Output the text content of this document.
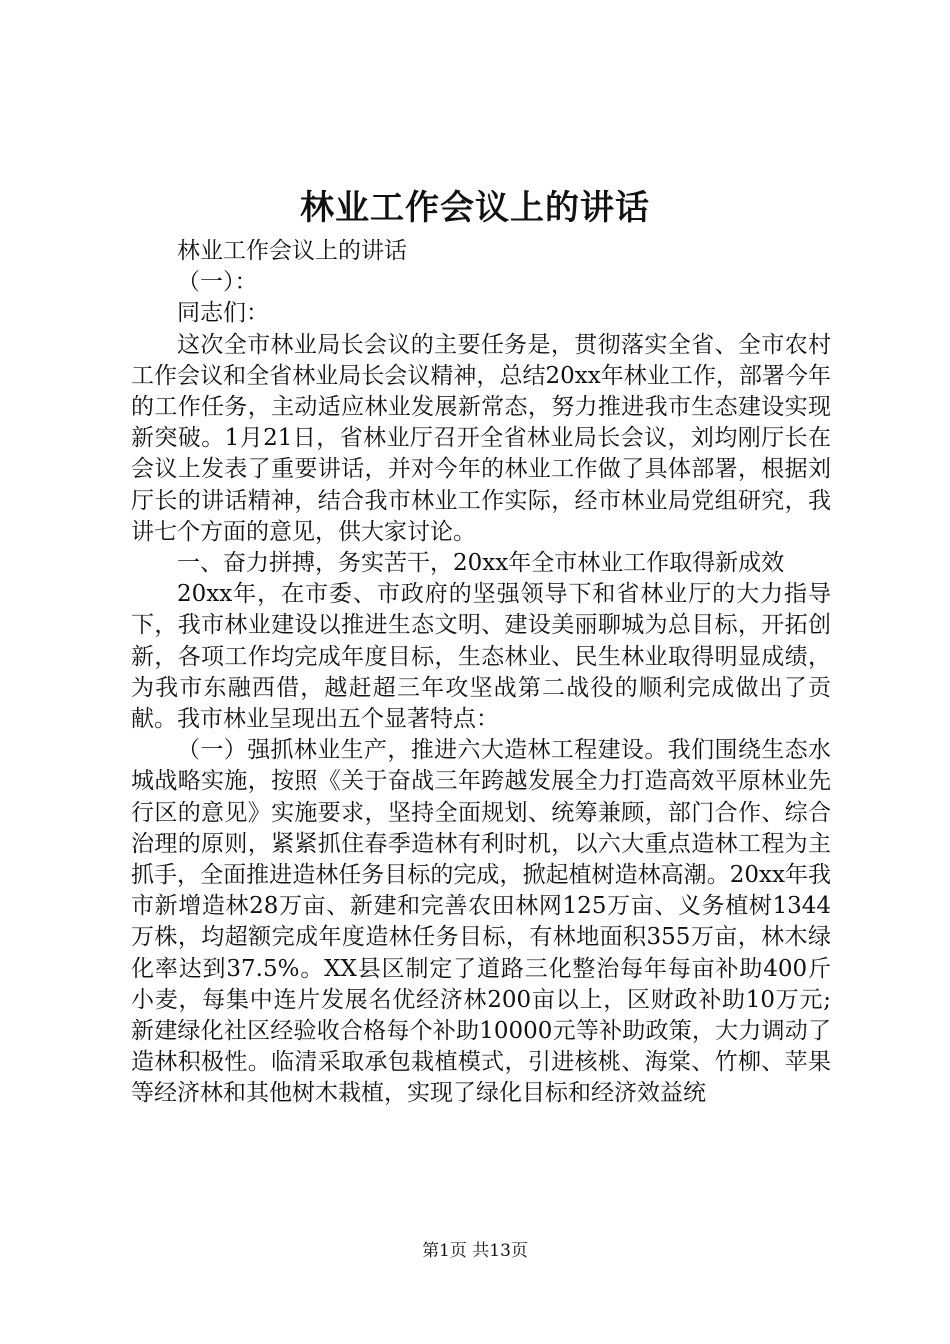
林业工作会议上的讲话

林业工作会议上的讲话

（一）：

同志们：

这次全市林业局长会议的主要任务是，贯彻落实全省、全市农村工作会议和全省林业局长会议精神，总结20xx年林业工作，部署今年的工作任务，主动适应林业发展新常态，努力推进我市生态建设实现新突破。1月21日，省林业厅召开全省林业局长会议，刘均刚厅长在会议上发表了重要讲话，并对今年的林业工作做了具体部署，根据刘厅长的讲话精神，结合我市林业工作实际，经市林业局党组研究，我讲七个方面的意见，供大家讨论。

一、奋力拼搏，务实苦干，20xx年全市林业工作取得新成效

20xx年，在市委、市政府的坚强领导下和省林业厅的大力指导下，我市林业建设以推进生态文明、建设美丽聊城为总目标，开拓创新，各项工作均完成年度目标，生态林业、民生林业取得明显成绩，为我市东融西借，越赶超三年攻坚战第二战役的顺利完成做出了贡献。我市林业呈现出五个显著特点：

（一）强抓林业生产，推进六大造林工程建设。我们围绕生态水城战略实施，按照《关于奋战三年跨越发展全力打造高效平原林业先行区的意见》实施要求，坚持全面规划、统筹兼顾，部门合作、综合治理的原则，紧紧抓住春季造林有利时机，以六大重点造林工程为主抓手，全面推进造林任务目标的完成，掀起植树造林高潮。20xx年我市新增造林28万亩、新建和完善农田林网125万亩、义务植树1344万株，均超额完成年度造林任务目标，有林地面积355万亩，林木绿化率达到37.5%。XX县区制定了道路三化整治每年每亩补助400斤小麦，每集中连片发展名优经济林200亩以上，区财政补助10万元;新建绿化社区经验收合格每个补助10000元等补助政策，大力调动了造林积极性。临清采取承包栽植模式，引进核桃、海棠、竹柳、苹果等经济林和其他树木栽植，实现了绿化目标和经济效益统

第1页 共13页
